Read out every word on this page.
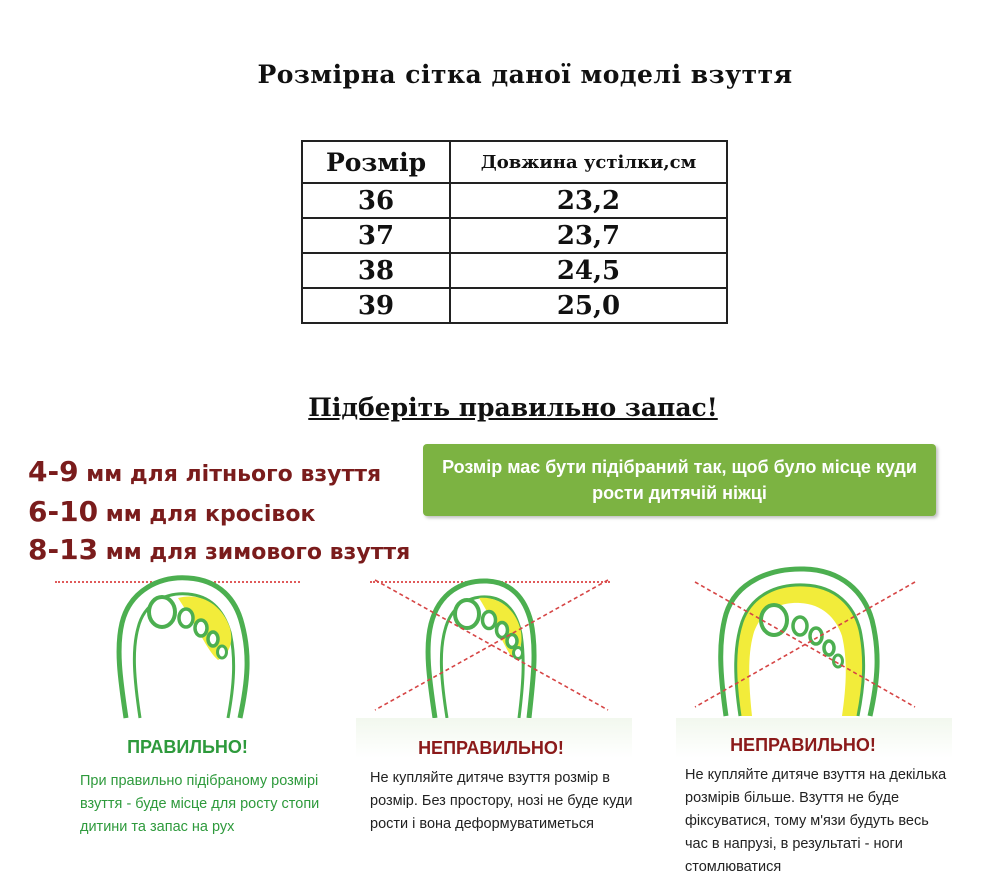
Розмірна сітка даної моделі взуття
Розмір	Довжина устілки,см
36	23,2
37	23,7
38	24,5
39	25,0
Підберіть правильно запас!
4-9 мм для літнього взуття
6-10 мм для кросівок
8-13 мм для зимового взуття
Розмір має бути підібраний так, щоб було місце куди рости дитячій ніжці
ПРАВИЛЬНО!
При правильно підібраному розмірі взуття - буде місце для росту стопи дитини та запас на рух
НЕПРАВИЛЬНО!
Не купляйте дитяче взуття розмір в розмір. Без простору, нозі не буде куди рости і вона деформуватиметься
НЕПРАВИЛЬНО!
Не купляйте дитяче взуття на декілька розмірів більше. Взуття не буде фіксуватися, тому м'язи будуть весь час в напрузі, в результаті - ноги стомлюватися
